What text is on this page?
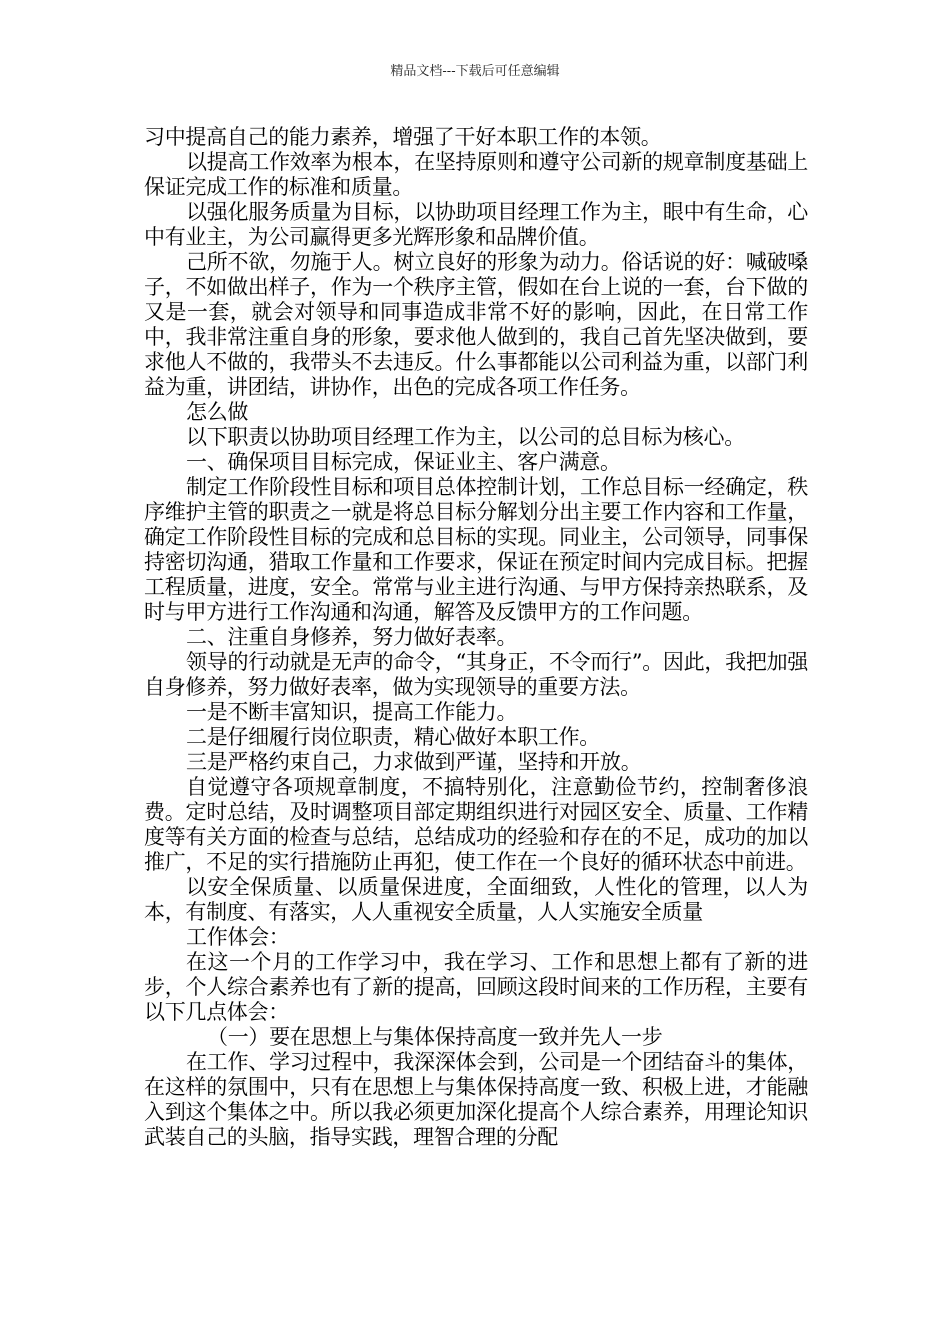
精品文档---下载后可任意编辑

习中提高自己的能力素养，增强了干好本职工作的本领。

以提高工作效率为根本，在坚持原则和遵守公司新的规章制度基础上保证完成工作的标准和质量。

以强化服务质量为目标，以协助项目经理工作为主，眼中有生命，心中有业主，为公司赢得更多光辉形象和品牌价值。

己所不欲，勿施于人。树立良好的形象为动力。俗话说的好：喊破嗓子，不如做出样子，作为一个秩序主管，假如在台上说的一套，台下做的又是一套，就会对领导和同事造成非常不好的影响，因此，在日常工作中，我非常注重自身的形象，要求他人做到的，我自己首先坚决做到，要求他人不做的，我带头不去违反。什么事都能以公司利益为重，以部门利益为重，讲团结，讲协作，出色的完成各项工作任务。

怎么做

以下职责以协助项目经理工作为主，以公司的总目标为核心。

一、确保项目目标完成，保证业主、客户满意。

制定工作阶段性目标和项目总体控制计划，工作总目标一经确定，秩序维护主管的职责之一就是将总目标分解划分出主要工作内容和工作量，确定工作阶段性目标的完成和总目标的实现。同业主，公司领导，同事保持密切沟通，猎取工作量和工作要求，保证在预定时间内完成目标。把握工程质量，进度，安全。常常与业主进行沟通、与甲方保持亲热联系，及时与甲方进行工作沟通和沟通，解答及反馈甲方的工作问题。

二、注重自身修养，努力做好表率。

领导的行动就是无声的命令，“其身正，不令而行”。因此，我把加强自身修养，努力做好表率，做为实现领导的重要方法。

一是不断丰富知识，提高工作能力。

二是仔细履行岗位职责，精心做好本职工作。

三是严格约束自己，力求做到严谨，坚持和开放。

自觉遵守各项规章制度，不搞特别化，注意勤俭节约，控制奢侈浪费。定时总结，及时调整项目部定期组织进行对园区安全、质量、工作精度等有关方面的检查与总结，总结成功的经验和存在的不足，成功的加以推广，不足的实行措施防止再犯，使工作在一个良好的循环状态中前进。

以安全保质量、以质量保进度，全面细致，人性化的管理，以人为本，有制度、有落实，人人重视安全质量，人人实施安全质量

工作体会：

在这一个月的工作学习中，我在学习、工作和思想上都有了新的进步，个人综合素养也有了新的提高，回顾这段时间来的工作历程，主要有以下几点体会：

（一）要在思想上与集体保持高度一致并先人一步

在工作、学习过程中，我深深体会到，公司是一个团结奋斗的集体，在这样的氛围中，只有在思想上与集体保持高度一致、积极上进，才能融入到这个集体之中。所以我必须更加深化提高个人综合素养，用理论知识武装自己的头脑，指导实践，理智合理的分配
